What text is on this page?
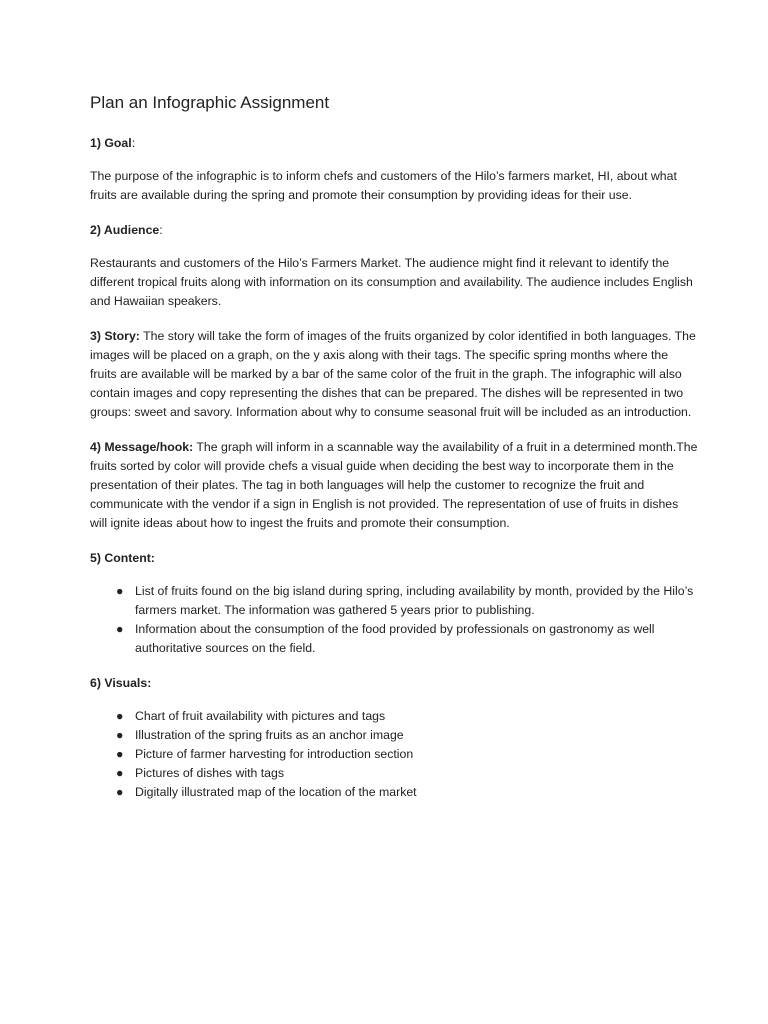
Plan an Infographic Assignment
1) Goal:

The purpose of the infographic is to inform chefs and customers of the Hilo’s farmers market, HI, about what fruits are available during the spring and promote their consumption by providing ideas for their use.

2) Audience:

Restaurants and customers of the Hilo’s Farmers Market. The audience might find it relevant to identify the different tropical fruits along with information on its consumption and availability. The audience includes English and Hawaiian speakers.

3) Story: The story will take the form of images of the fruits organized by color identified in both languages. The images will be placed on a graph, on the y axis along with their tags. The specific spring months where the fruits are available will be marked by a bar of the same color of the fruit in the graph. The infographic will also contain images and copy representing the dishes that can be prepared. The dishes will be represented in two groups: sweet and savory. Information about why to consume seasonal fruit will be included as an introduction.

4) Message/hook: The graph will inform in a scannable way the availability of a fruit in a determined month.The fruits sorted by color will provide chefs a visual guide when deciding the best way to incorporate them in the presentation of their plates. The tag in both languages will help the customer to recognize the fruit and communicate with the vendor if a sign in English is not provided. The representation of use of fruits in dishes will ignite ideas about how to ingest the fruits and promote their consumption.

5) Content:
● List of fruits found on the big island during spring, including availability by month, provided by the Hilo’s farmers market. The information was gathered 5 years prior to publishing.
● Information about the consumption of the food provided by professionals on gastronomy as well authoritative sources on the field.
6) Visuals:
● Chart of fruit availability with pictures and tags
● Illustration of the spring fruits as an anchor image
● Picture of farmer harvesting for introduction section
● Pictures of dishes with tags
● Digitally illustrated map of the location of the market
